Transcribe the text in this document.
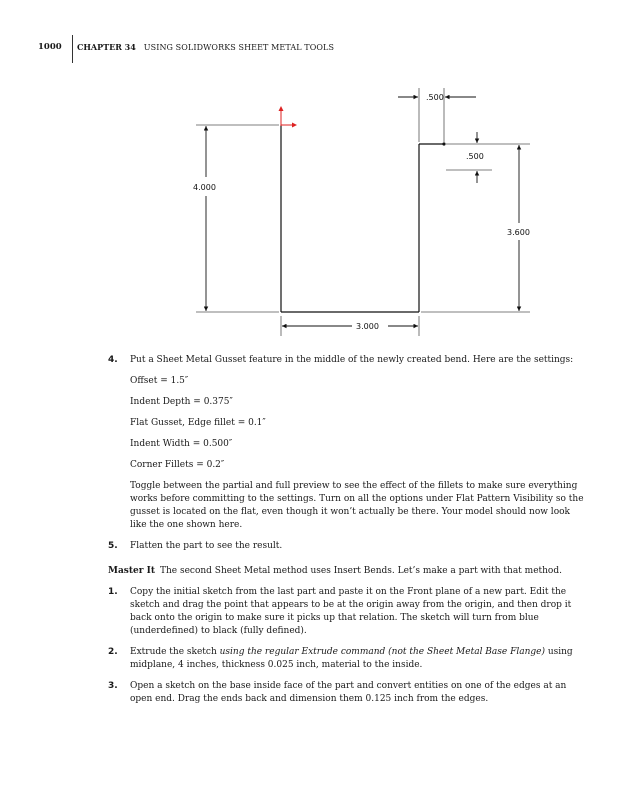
1000	CHAPTER 34 USING SOLIDWORKS SHEET METAL TOOLS
4.000
3.000
3.600
.500
.500
4. Put a Sheet Metal Gusset feature in the middle of the newly created bend. Here are the settings:

Offset = 1.5″

Indent Depth = 0.375″

Flat Gusset, Edge fillet = 0.1″

Indent Width = 0.500″

Corner Fillets = 0.2″

Toggle between the partial and full preview to see the effect of the fillets to make sure everything works before committing to the settings. Turn on all the options under Flat Pattern Visibility so the gusset is located on the flat, even though it won’t actually be there. Your model should now look like the one shown here.

5. Flatten the part to see the result.

Master It The second Sheet Metal method uses Insert Bends. Let’s make a part with that method.

1. Copy the initial sketch from the last part and paste it on the Front plane of a new part. Edit the sketch and drag the point that appears to be at the origin away from the origin, and then drop it back onto the origin to make sure it picks up that relation. The sketch will turn from blue (underdefined) to black (fully defined).

2. Extrude the sketch using the regular Extrude command (not the Sheet Metal Base Flange) using midplane, 4 inches, thickness 0.025 inch, material to the inside.

3. Open a sketch on the base inside face of the part and convert entities on one of the edges at an open end. Drag the ends back and dimension them 0.125 inch from the edges.
